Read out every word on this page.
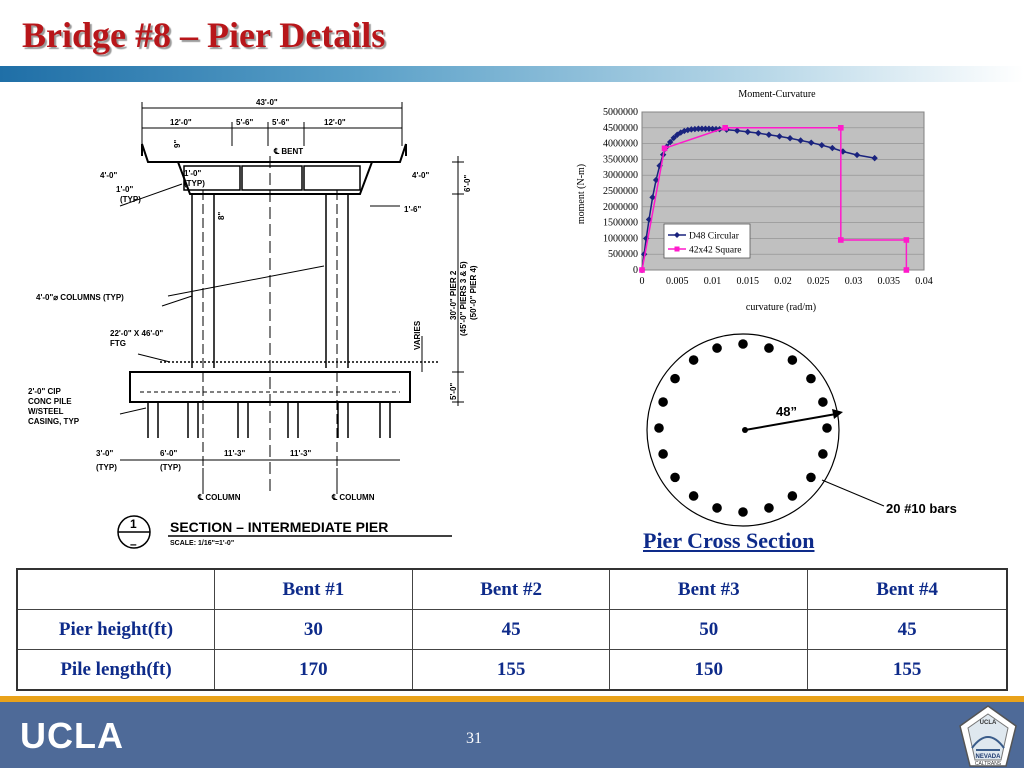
Bridge #8 – Pier Details
43'-0"
12'-0"	5'-6" 5'-6"	12'-0"
℄ BENT
1'-0"
(TYP)
4'-0"	4'-0"
1'-0"
(TYP)
1'-6"
9"
8"
6'-0"
4'-0"⌀ COLUMNS (TYP)
22'-0" X 46'-0"
FTG
30'-0" PIER 2 (45'-0" PIERS 3 & 5) (50'-0" PIER 4)
VARIES
5'-0"
2'-0" CIP
CONC PILE
W/STEEL
CASING, TYP
3'-0"
(TYP)
6'-0"
(TYP)
11'-3"	11'-3"
℄ COLUMN	℄ COLUMN
1
–
SECTION – INTERMEDIATE PIER
SCALE: 1/16"=1'-0"
Moment-Curvature
0
500000
1000000
1500000
2000000
2500000
3000000
3500000
4000000
4500000
5000000
0 0.005 0.01 0.015 0.02 0.025 0.03 0.035 0.04
curvature (rad/m)
moment (N-m)
D48 Circular
42x42 Square
48”
20 #10 bars
Pier Cross Section
	Bent #1	Bent #2	Bent #3	Bent #4
Pier height(ft)	30	45	50	45
Pile length(ft)	170	155	150	155
UCLA	31
UCLA
NEVADA
CALTRANS
